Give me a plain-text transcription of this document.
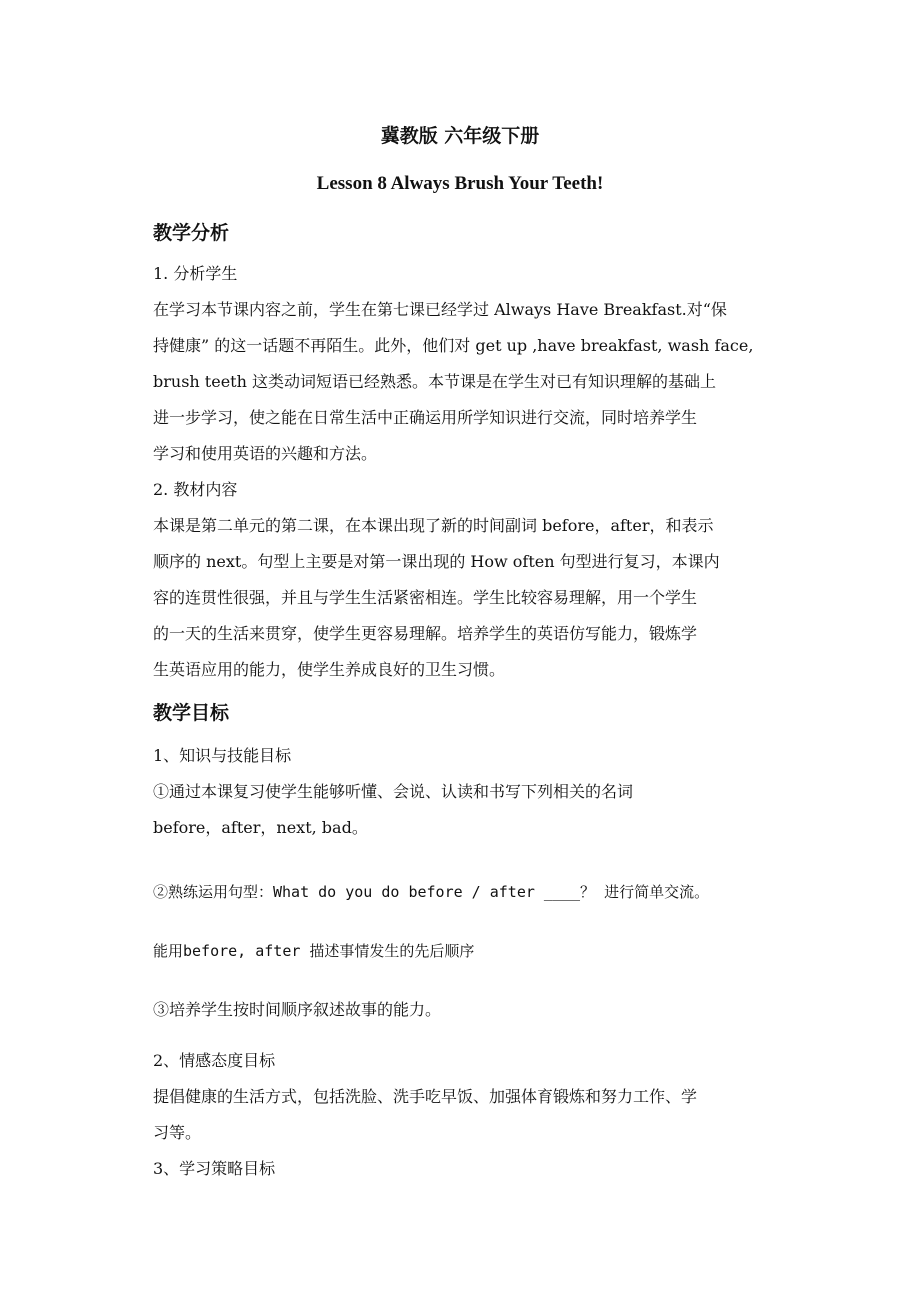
冀教版 六年级下册
Lesson 8 Always Brush Your Teeth!
教学分析
1. 分析学生
在学习本节课内容之前，学生在第七课已经学过 Always Have Breakfast.对“保
持健康” 的这一话题不再陌生。此外，他们对 get up ,have breakfast, wash face,
brush teeth 这类动词短语已经熟悉。本节课是在学生对已有知识理解的基础上
进一步学习，使之能在日常生活中正确运用所学知识进行交流，同时培养学生
学习和使用英语的兴趣和方法。
2. 教材内容
本课是第二单元的第二课，在本课出现了新的时间副词 before，after，和表示
顺序的 next。句型上主要是对第一课出现的 How often 句型进行复习，本课内
容的连贯性很强，并且与学生生活紧密相连。学生比较容易理解，用一个学生
的一天的生活来贯穿，使学生更容易理解。培养学生的英语仿写能力，锻炼学
生英语应用的能力，使学生养成良好的卫生习惯。
教学目标
1、知识与技能目标
①通过本课复习使学生能够听懂、会说、认读和书写下列相关的名词
before，after，next, bad。
②熟练运用句型：What do you do before / after ____？ 进行简单交流。
能用before, after 描述事情发生的先后顺序
③培养学生按时间顺序叙述故事的能力。
2、情感态度目标
提倡健康的生活方式，包括洗脸、洗手吃早饭、加强体育锻炼和努力工作、学
习等。
3、学习策略目标
